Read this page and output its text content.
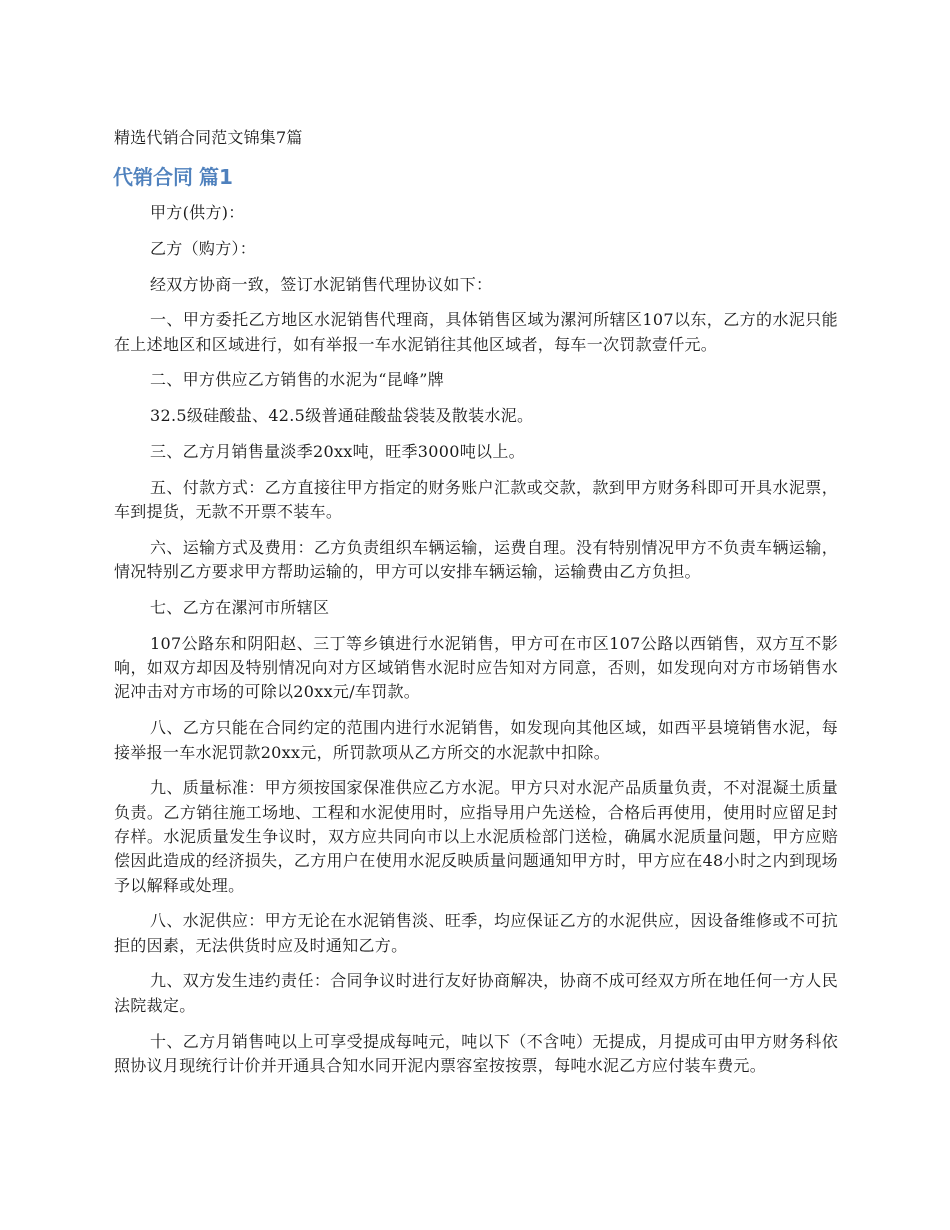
精选代销合同范文锦集7篇
代销合同 篇1

甲方(供方)：

乙方（购方）：

经双方协商一致，签订水泥销售代理协议如下：

一、甲方委托乙方地区水泥销售代理商，具体销售区域为漯河所辖区107以东，乙方的水泥只能在上述地区和区域进行，如有举报一车水泥销往其他区域者，每车一次罚款壹仟元。

二、甲方供应乙方销售的水泥为“昆峰”牌

32.5级硅酸盐、42.5级普通硅酸盐袋装及散装水泥。

三、乙方月销售量淡季20xx吨，旺季3000吨以上。

五、付款方式：乙方直接往甲方指定的财务账户汇款或交款，款到甲方财务科即可开具水泥票，车到提货，无款不开票不装车。

六、运输方式及费用：乙方负责组织车辆运输，运费自理。没有特别情况甲方不负责车辆运输，情况特别乙方要求甲方帮助运输的，甲方可以安排车辆运输，运输费由乙方负担。

七、乙方在漯河市所辖区

107公路东和阴阳赵、三丁等乡镇进行水泥销售，甲方可在市区107公路以西销售，双方互不影响，如双方却因及特别情况向对方区域销售水泥时应告知对方同意，否则，如发现向对方市场销售水泥冲击对方市场的可除以20xx元/车罚款。

八、乙方只能在合同约定的范围内进行水泥销售，如发现向其他区域，如西平县境销售水泥，每接举报一车水泥罚款20xx元，所罚款项从乙方所交的水泥款中扣除。

九、质量标准：甲方须按国家保准供应乙方水泥。甲方只对水泥产品质量负责，不对混凝土质量负责。乙方销往施工场地、工程和水泥使用时，应指导用户先送检，合格后再使用，使用时应留足封存样。水泥质量发生争议时，双方应共同向市以上水泥质检部门送检，确属水泥质量问题，甲方应赔偿因此造成的经济损失，乙方用户在使用水泥反映质量问题通知甲方时，甲方应在48小时之内到现场予以解释或处理。

八、水泥供应：甲方无论在水泥销售淡、旺季，均应保证乙方的水泥供应，因设备维修或不可抗拒的因素，无法供货时应及时通知乙方。

九、双方发生违约责任：合同争议时进行友好协商解决，协商不成可经双方所在地任何一方人民法院裁定。

十、乙方月销售吨以上可享受提成每吨元，吨以下（不含吨）无提成，月提成可由甲方财务科依照协议月现统行计价并开通具合知水同开泥内票容室按按票，每吨水泥乙方应付装车费元。
